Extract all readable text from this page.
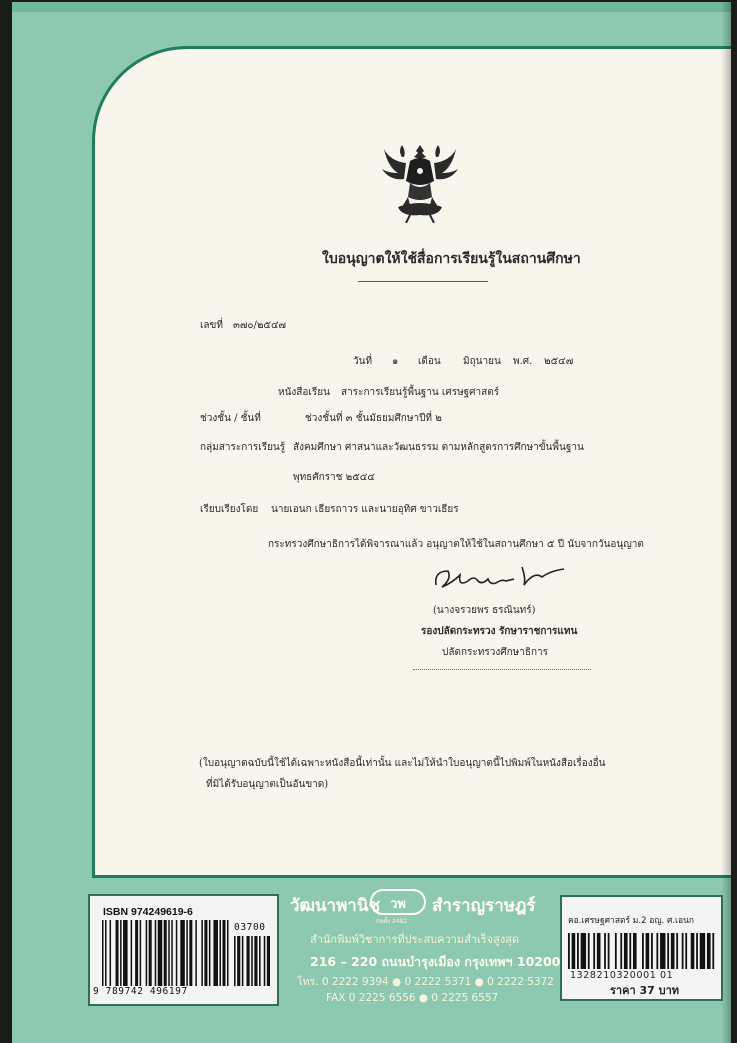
ใบอนุญาตให้ใช้สื่อการเรียนรู้ในสถานศึกษา
เลขที่ ๓๗๐/๒๕๔๗
วันที่ ๑ เดือน มิถุนายน พ.ศ. ๒๕๔๗
หนังสือเรียน สาระการเรียนรู้พื้นฐาน เศรษฐศาสตร์
ช่วงชั้น / ชั้นที่	ช่วงชั้นที่ ๓ ชั้นมัธยมศึกษาปีที่ ๒
กลุ่มสาระการเรียนรู้ สังคมศึกษา ศาสนาและวัฒนธรรม ตามหลักสูตรการศึกษาขั้นพื้นฐาน
พุทธศักราช ๒๕๔๔
เรียบเรียงโดย นายเอนก เธียรถาวร และนายอุทิศ ขาวเธียร
กระทรวงศึกษาธิการได้พิจารณาแล้ว อนุญาตให้ใช้ในสถานศึกษา ๕ ปี นับจากวันอนุญาต
(นางจรวยพร ธรณินทร์)
รองปลัดกระทรวง รักษาราชการแทน
ปลัดกระทรวงศึกษาธิการ
(ใบอนุญาตฉบับนี้ใช้ได้เฉพาะหนังสือนี้เท่านั้น และไม่ให้นำใบอนุญาตนี้ไปพิมพ์ในหนังสือเรื่องอื่น
ที่มิได้รับอนุญาตเป็นอันขาด)
ISBN 974249619-6
03700
9 789742 496197
วัฒนาพานิช วพ
ก่อตั้ง 2482
สำราญราษฎร์
สำนักพิมพ์วิชาการที่ประสบความสำเร็จสูงสุด
216 – 220 ถนนบำรุงเมือง กรุงเทพฯ 10200
โทร. 0 2222 9394 ● 0 2222 5371 ● 0 2222 5372
FAX 0 2225 6556 ● 0 2225 6557
คอ.เศรษฐศาสตร์ ม.2 อญ. ศ.เอนก
1328210320001 01
ราคา 37 บาท
